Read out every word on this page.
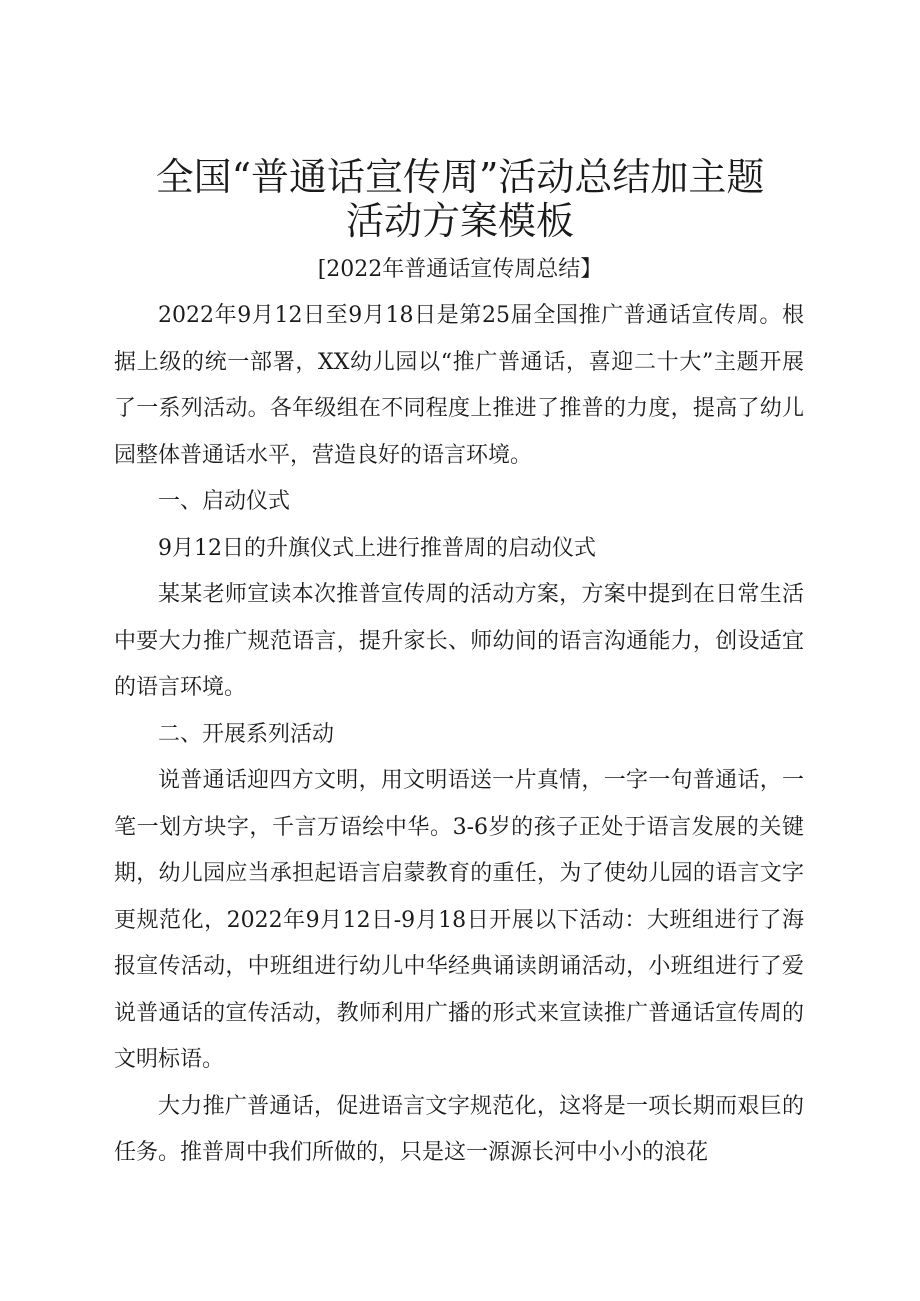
全国“普通话宣传周”活动总结加主题
活动方案模板
[2022年普通话宣传周总结】

2022年9月12日至9月18日是第25届全国推广普通话宣传周。根据上级的统一部署，XX幼儿园以“推广普通话，喜迎二十大”主题开展了一系列活动。各年级组在不同程度上推进了推普的力度，提高了幼儿园整体普通话水平，营造良好的语言环境。

一、启动仪式

9月12日的升旗仪式上进行推普周的启动仪式

某某老师宣读本次推普宣传周的活动方案，方案中提到在日常生活中要大力推广规范语言，提升家长、师幼间的语言沟通能力，创设适宜的语言环境。

二、开展系列活动

说普通话迎四方文明，用文明语送一片真情，一字一句普通话，一笔一划方块字，千言万语绘中华。3-6岁的孩子正处于语言发展的关键期，幼儿园应当承担起语言启蒙教育的重任，为了使幼儿园的语言文字更规范化，2022年9月12日-9月18日开展以下活动：大班组进行了海报宣传活动，中班组进行幼儿中华经典诵读朗诵活动，小班组进行了爱说普通话的宣传活动，教师利用广播的形式来宣读推广普通话宣传周的文明标语。

大力推广普通话，促进语言文字规范化，这将是一项长期而艰巨的任务。推普周中我们所做的，只是这一源源长河中小小的浪花
